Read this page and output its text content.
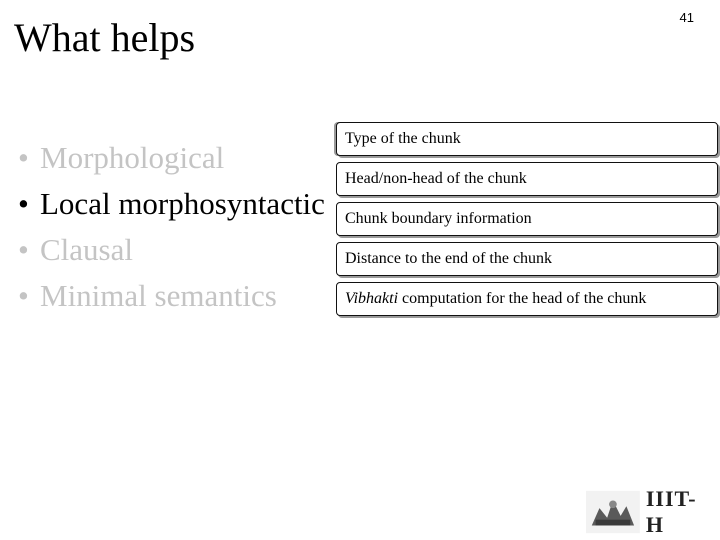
41
What helps
• Morphological
• Local morphosyntactic
• Clausal
• Minimal semantics
Type of the chunk
Head/non-head of the chunk
Chunk boundary information
Distance to the end of the chunk
Vibhakti computation for the head of the chunk
IIIT-H
